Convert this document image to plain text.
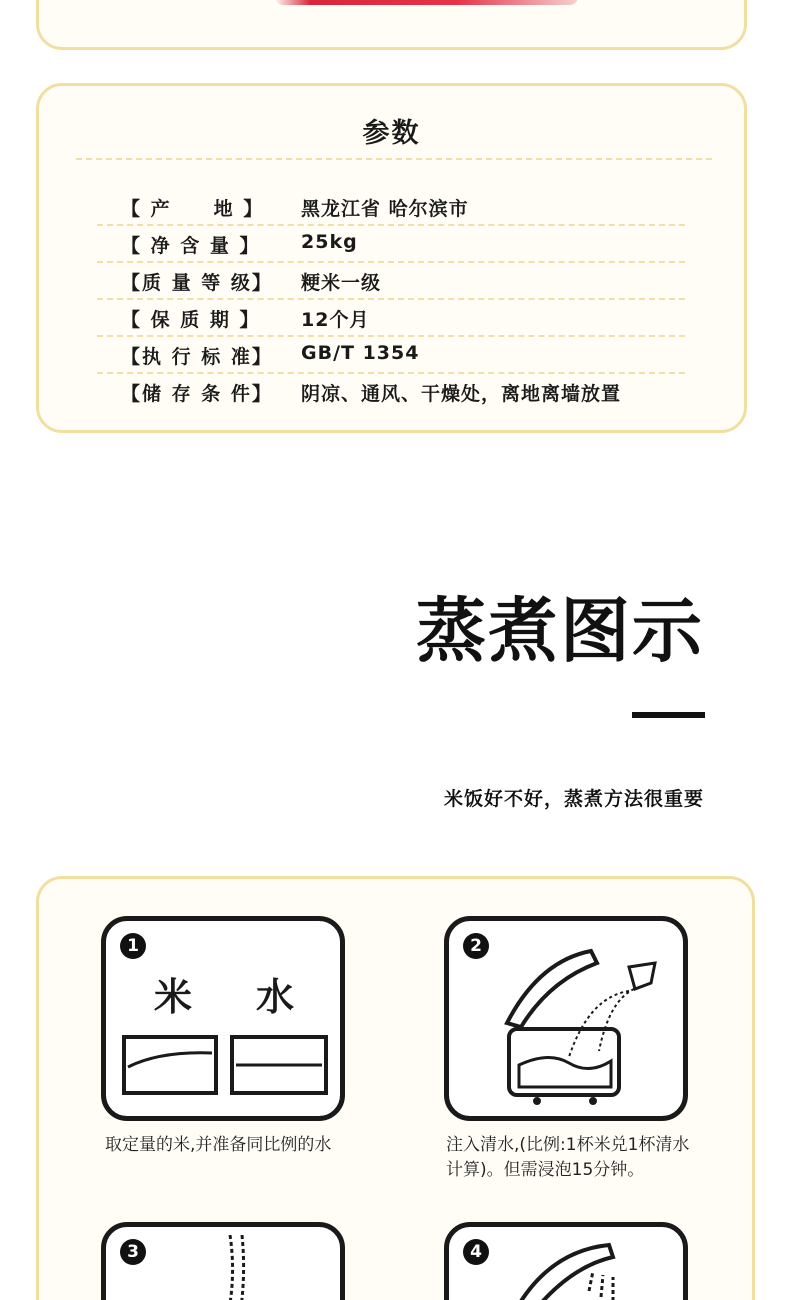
参数
【 产　　地 】 黑龙江省 哈尔滨市
【 净 含 量 】 25kg
【质 量 等 级】 粳米一级
【 保 质 期 】 12个月
【执 行 标 准】 GB/T 1354
【储 存 条 件】 阴凉、通风、干燥处，离地离墙放置
蒸煮图示
米饭好不好，蒸煮方法很重要
1
米 水
取定量的米,并准备同比例的水
2
注入清水,(比例:1杯米兑1杯清水
计算)。但需浸泡15分钟。
3	4
